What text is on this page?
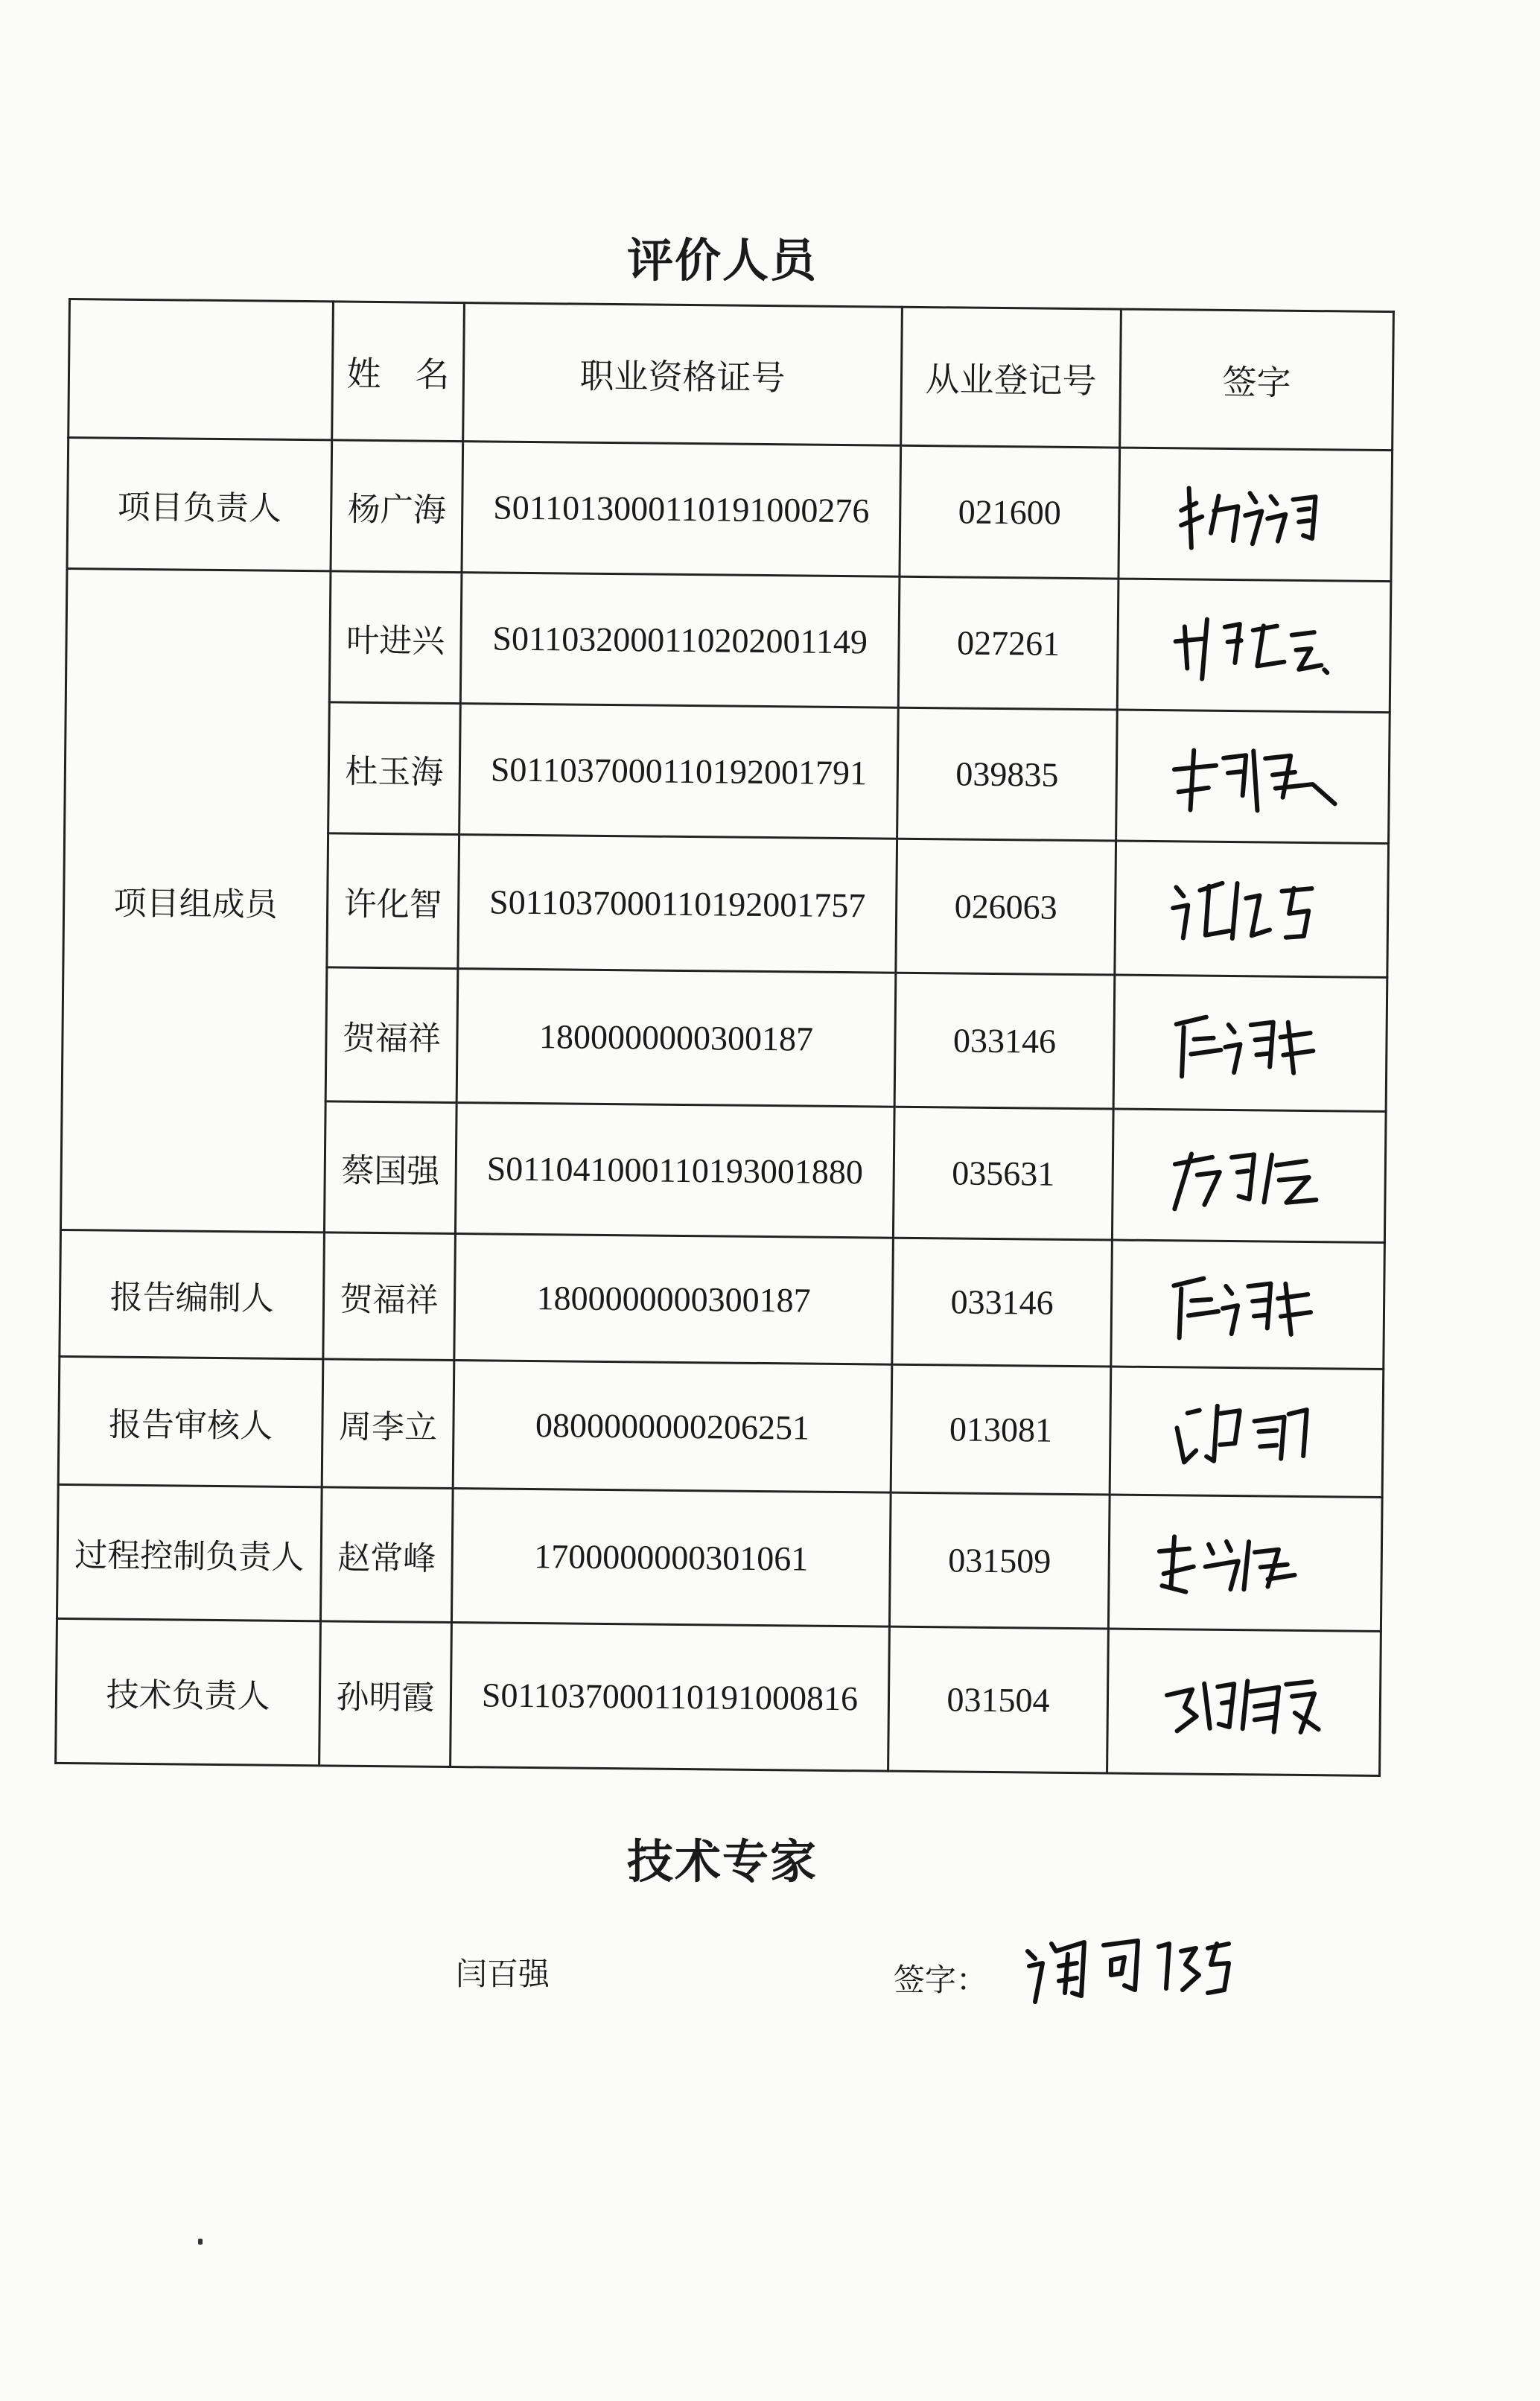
评价人员
	姓　名	职业资格证号	从业登记号	签字
项目负责人	杨广海	S011013000110191000276	021600	

项目组成员	叶进兴	S011032000110202001149	027261	

	杜玉海	S011037000110192001791	039835	

	许化智	S011037000110192001757	026063	

	贺福祥	1800000000300187	033146	

	蔡国强	S011041000110193001880	035631	

报告编制人	贺福祥	1800000000300187	033146	

报告审核人	周李立	0800000000206251	013081	

过程控制负责人	赵常峰	1700000000301061	031509	

技术负责人	孙明霞	S011037000110191000816	031504	
技术专家
闫百强	签字：
